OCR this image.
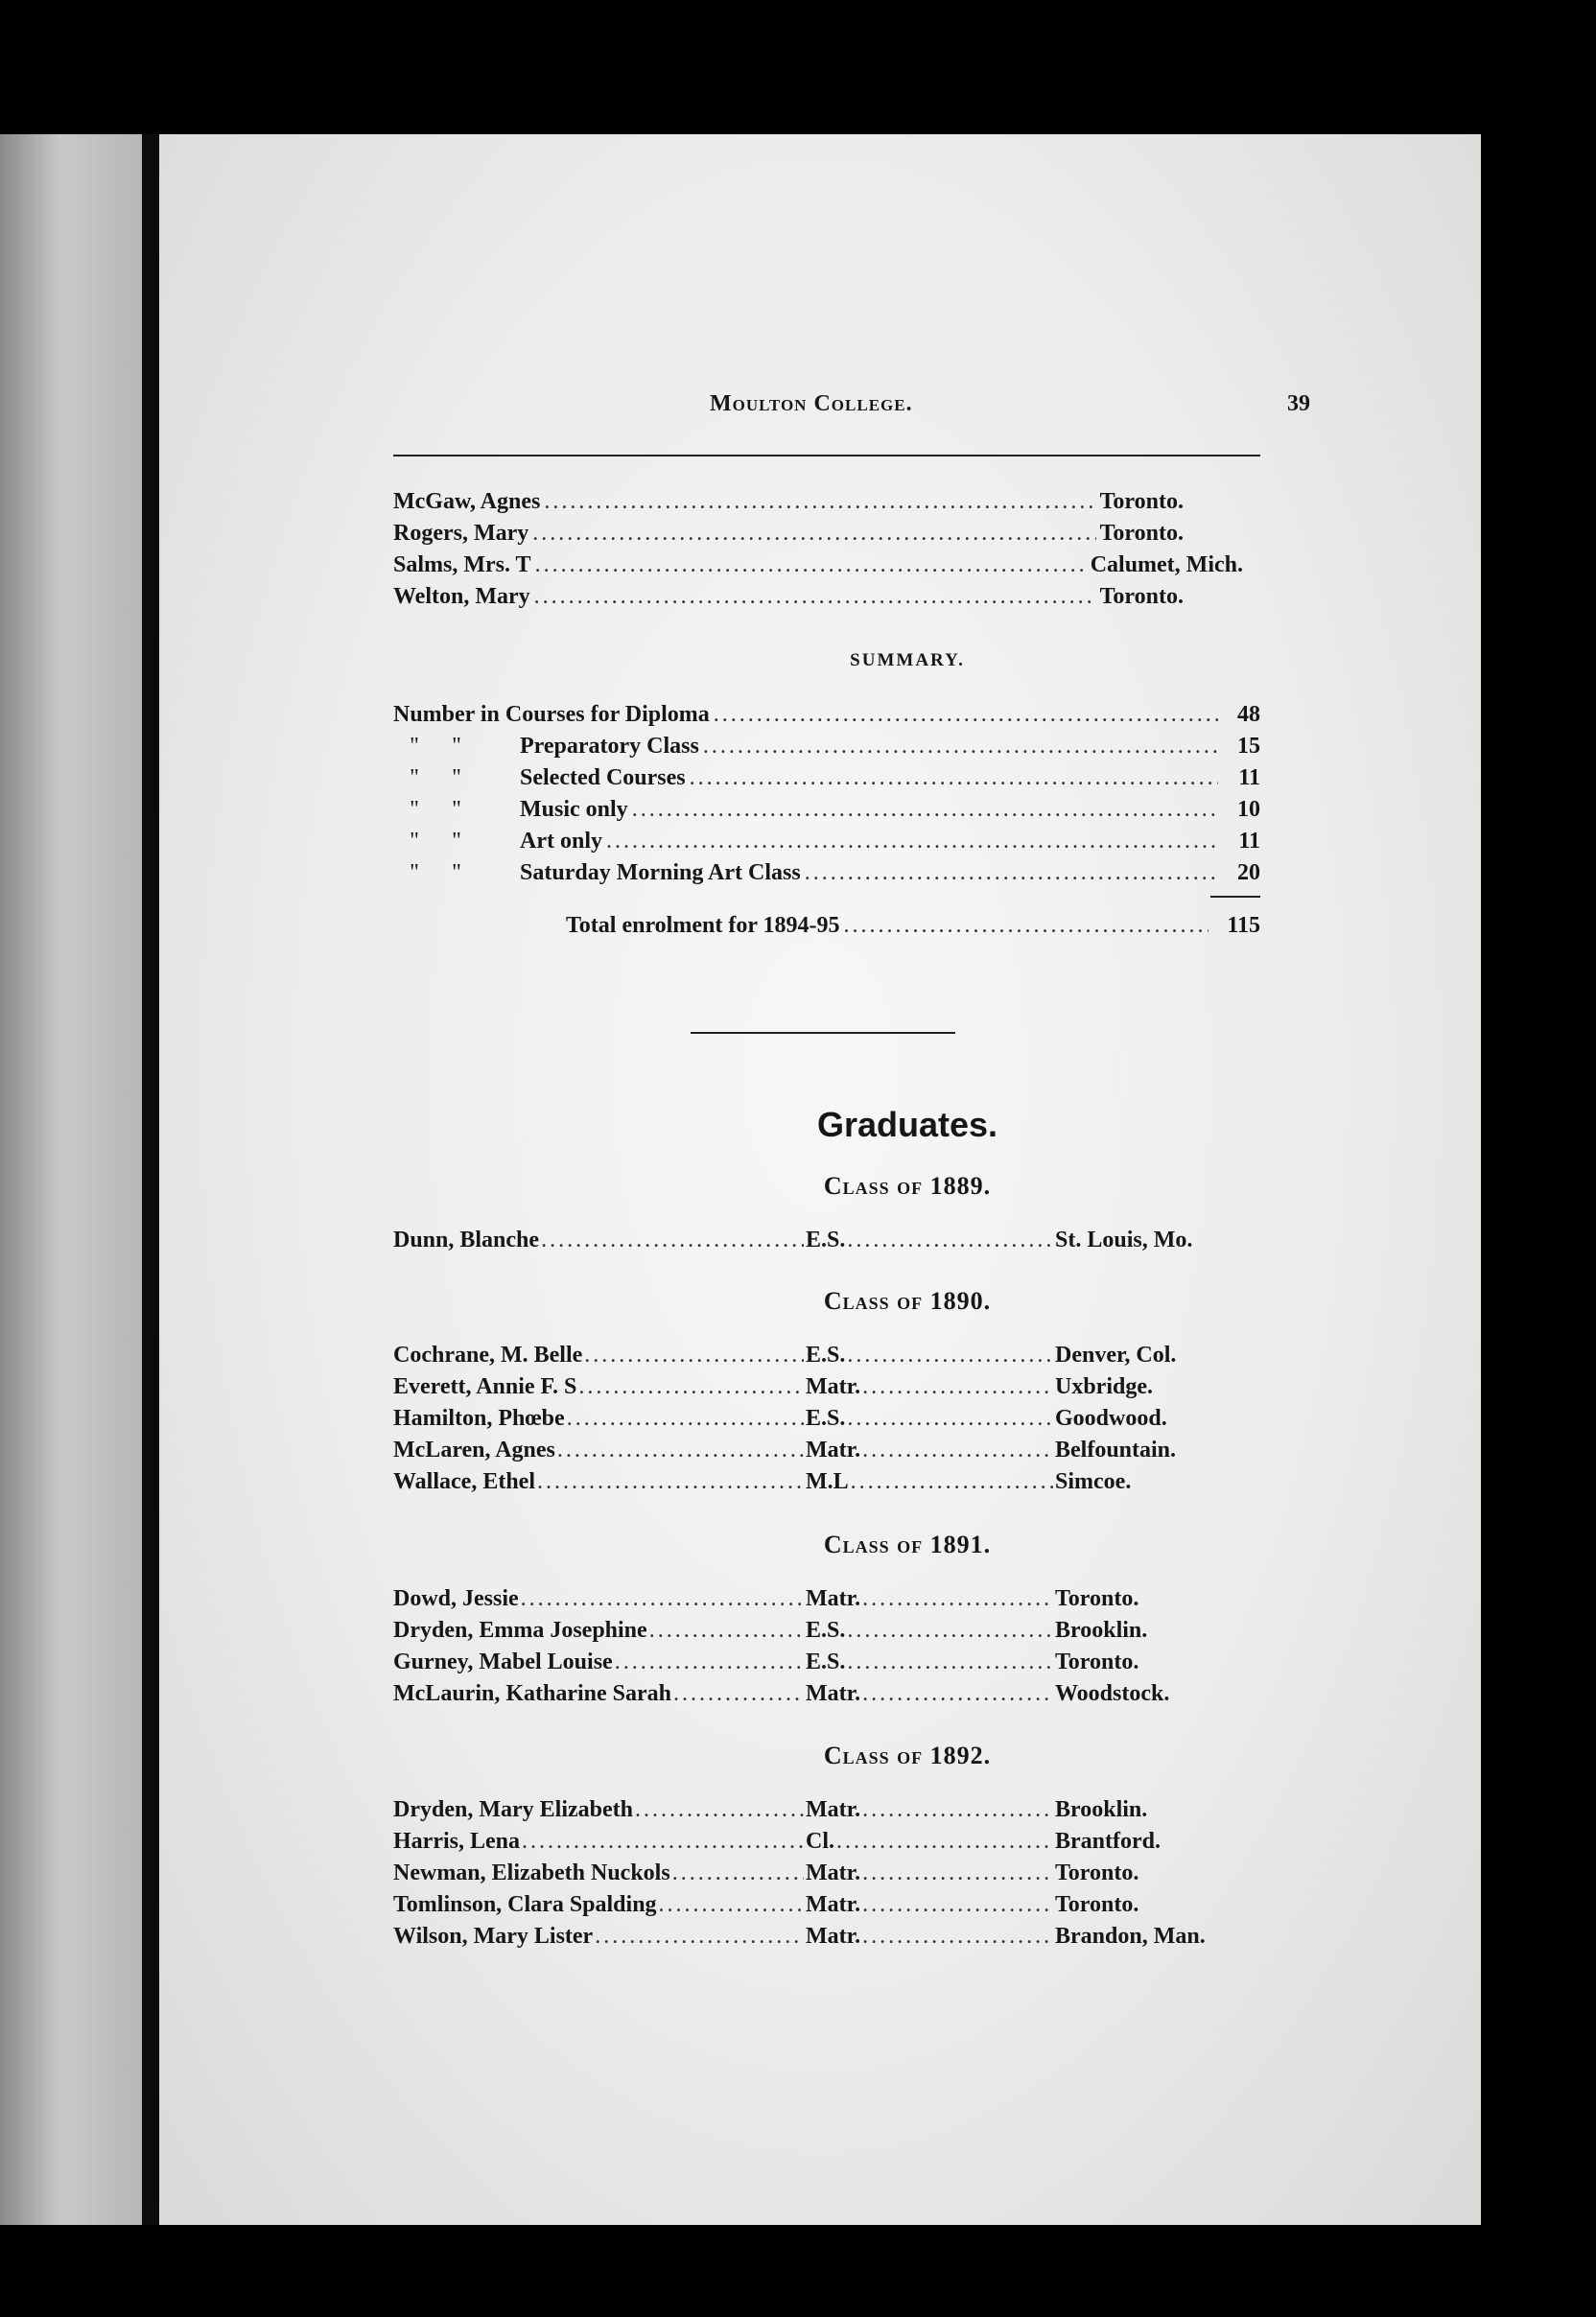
Moulton College.	39
McGaw, Agnes .....	Toronto.
Rogers, Mary .....	Toronto.
Salms, Mrs. T .....	Calumet, Mich.
Welton, Mary .....	Toronto.
SUMMARY.
Number in Courses for Diploma .....	48
"	"	Preparatory Class .....	15
"	"	Selected Courses .....	11
"	"	Music only .....	10
"	"	Art only .....	11
"	"	Saturday Morning Art Class .....	20
Total enrolment for 1894-95 .....	115
Graduates.
Class of 1889.
Dunn, Blanche .....	E.S. .....	St. Louis, Mo.
Class of 1890.
Cochrane, M. Belle .....	E.S. .....	Denver, Col.
Everett, Annie F. S .....	Matr. .....	Uxbridge.
Hamilton, Phœbe .....	E.S. .....	Goodwood.
McLaren, Agnes .....	Matr. .....	Belfountain.
Wallace, Ethel .....	M.L .....	Simcoe.
Class of 1891.
Dowd, Jessie .....	Matr. .....	Toronto.
Dryden, Emma Josephine .....	E.S. .....	Brooklin.
Gurney, Mabel Louise .....	E.S. .....	Toronto.
McLaurin, Katharine Sarah .....	Matr. .....	Woodstock.
Class of 1892.
Dryden, Mary Elizabeth .....	Matr. .....	Brooklin.
Harris, Lena .....	Cl. .....	Brantford.
Newman, Elizabeth Nuckols .....	Matr. .....	Toronto.
Tomlinson, Clara Spalding .....	Matr. .....	Toronto.
Wilson, Mary Lister .....	Matr. .....	Brandon, Man.
